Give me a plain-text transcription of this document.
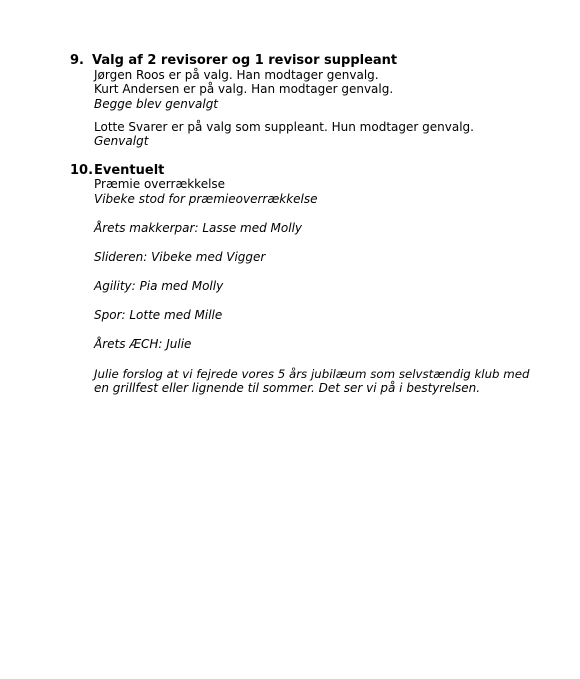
9. Valg af 2 revisorer og 1 revisor suppleant
Jørgen Roos er på valg. Han modtager genvalg.
Kurt Andersen er på valg. Han modtager genvalg.
Begge blev genvalgt
Lotte Svarer er på valg som suppleant. Hun modtager genvalg.
Genvalgt
10. Eventuelt
Præmie overrækkelse
Vibeke stod for præmieoverrækkelse
Årets makkerpar: Lasse med Molly
Slideren: Vibeke med Vigger
Agility: Pia med Molly
Spor: Lotte med Mille
Årets ÆCH: Julie
Julie forslog at vi fejrede vores 5 års jubilæum som selvstændig klub med
en grillfest eller lignende til sommer. Det ser vi på i bestyrelsen.
